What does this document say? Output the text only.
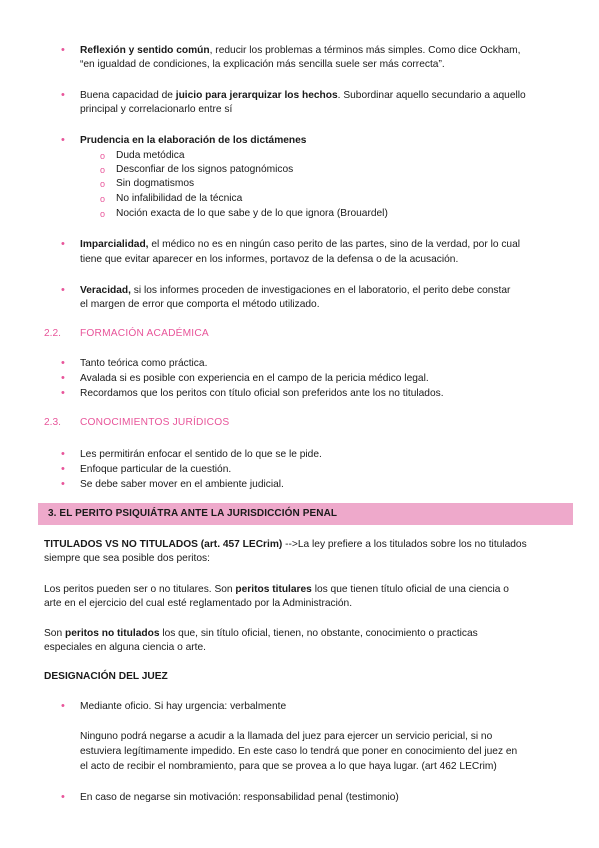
• Reflexión y sentido común, reducir los problemas a términos más simples. Como dice Ockham,
“en igualdad de condiciones, la explicación más sencilla suele ser más correcta”.
• Buena capacidad de juicio para jerarquizar los hechos. Subordinar aquello secundario a aquello
principal y correlacionarlo entre sí
• Prudencia en la elaboración de los dictámenes
o Duda metódica
o Desconfiar de los signos patognómicos
o Sin dogmatismos
o No infalibilidad de la técnica
o Noción exacta de lo que sabe y de lo que ignora (Brouardel)
• Imparcialidad, el médico no es en ningún caso perito de las partes, sino de la verdad, por lo cual
tiene que evitar aparecer en los informes, portavoz de la defensa o de la acusación.
• Veracidad, si los informes proceden de investigaciones en el laboratorio, el perito debe constar
el margen de error que comporta el método utilizado.
2.2. FORMACIÓN ACADÉMICA
• Tanto teórica como práctica.
• Avalada si es posible con experiencia en el campo de la pericia médico legal.
• Recordamos que los peritos con título oficial son preferidos ante los no titulados.
2.3. CONOCIMIENTOS JURÍDICOS
• Les permitirán enfocar el sentido de lo que se le pide.
• Enfoque particular de la cuestión.
• Se debe saber mover en el ambiente judicial.
3. EL PERITO PSIQUIÁTRA ANTE LA JURISDICCIÓN PENAL
TITULADOS VS NO TITULADOS (art. 457 LECrim) -->La ley prefiere a los titulados sobre los no titulados
siempre que sea posible dos peritos:
Los peritos pueden ser o no titulares. Son peritos titulares los que tienen título oficial de una ciencia o
arte en el ejercicio del cual esté reglamentado por la Administración.
Son peritos no titulados los que, sin título oficial, tienen, no obstante, conocimiento o practicas
especiales en alguna ciencia o arte.
DESIGNACIÓN DEL JUEZ
• Mediante oficio. Si hay urgencia: verbalmente
Ninguno podrá negarse a acudir a la llamada del juez para ejercer un servicio pericial, si no
estuviera legítimamente impedido. En este caso lo tendrá que poner en conocimiento del juez en
el acto de recibir el nombramiento, para que se provea a lo que haya lugar. (art 462 LECrim)
• En caso de negarse sin motivación: responsabilidad penal (testimonio)
